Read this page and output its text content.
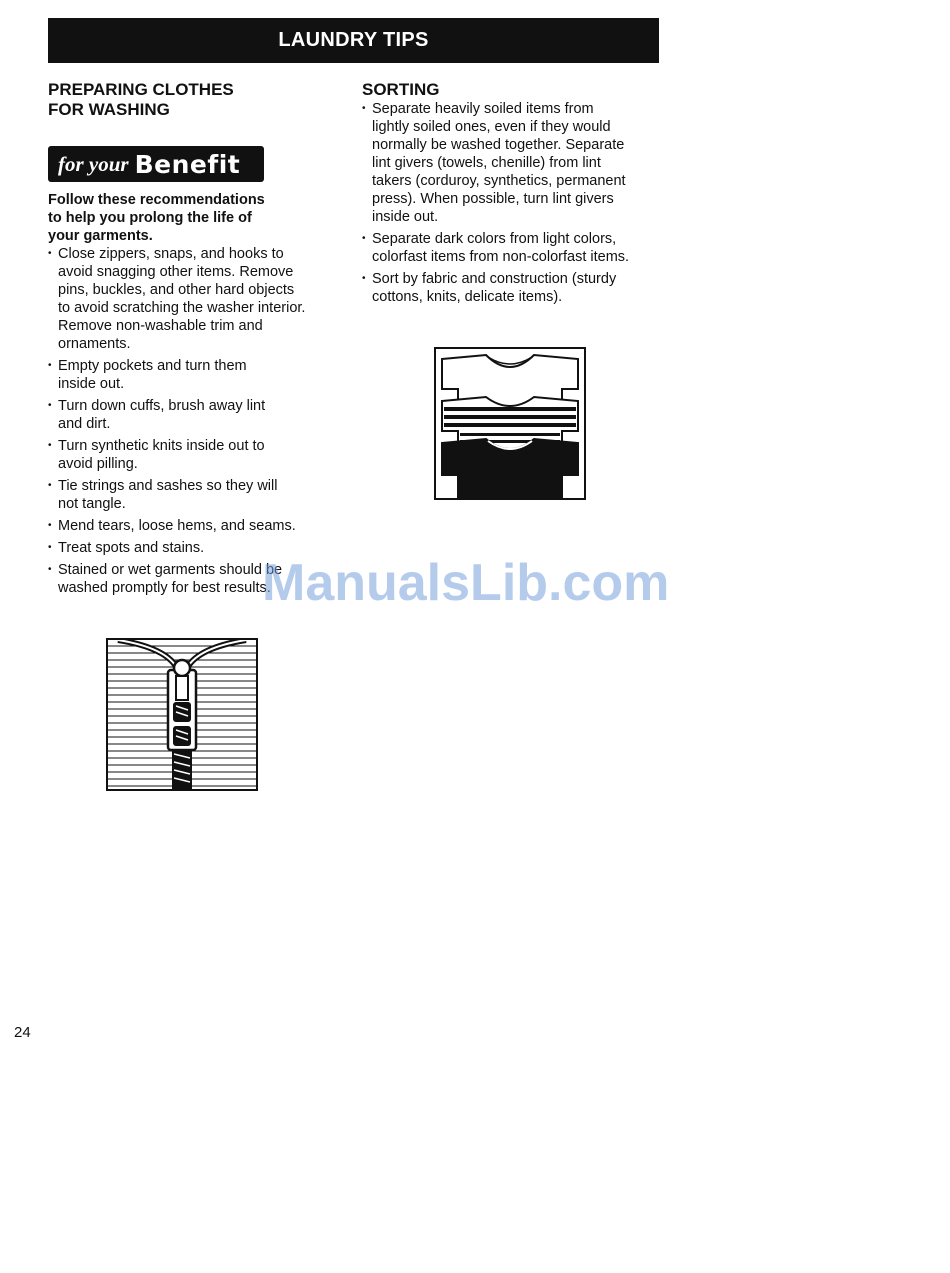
LAUNDRY TIPS
PREPARING CLOTHES
FOR WASHING
for your Benefit
Follow these recommendations
to help you prolong the life of
your garments.
• Close zippers, snaps, and hooks to
avoid snagging other items. Remove
pins, buckles, and other hard objects
to avoid scratching the washer interior.
Remove non-washable trim and
ornaments.
• Empty pockets and turn them
inside out.
• Turn down cuffs, brush away lint
and dirt.
• Turn synthetic knits inside out to
avoid pilling.
• Tie strings and sashes so they will
not tangle.
• Mend tears, loose hems, and seams.
• Treat spots and stains.
• Stained or wet garments should be
washed promptly for best results.
SORTING
• Separate heavily soiled items from
lightly soiled ones, even if they would
normally be washed together. Separate
lint givers (towels, chenille) from lint
takers (corduroy, synthetics, permanent
press). When possible, turn lint givers
inside out.
• Separate dark colors from light colors,
colorfast items from non-colorfast items.
• Sort by fabric and construction (sturdy
cottons, knits, delicate items).
ManualsLib.com
24
